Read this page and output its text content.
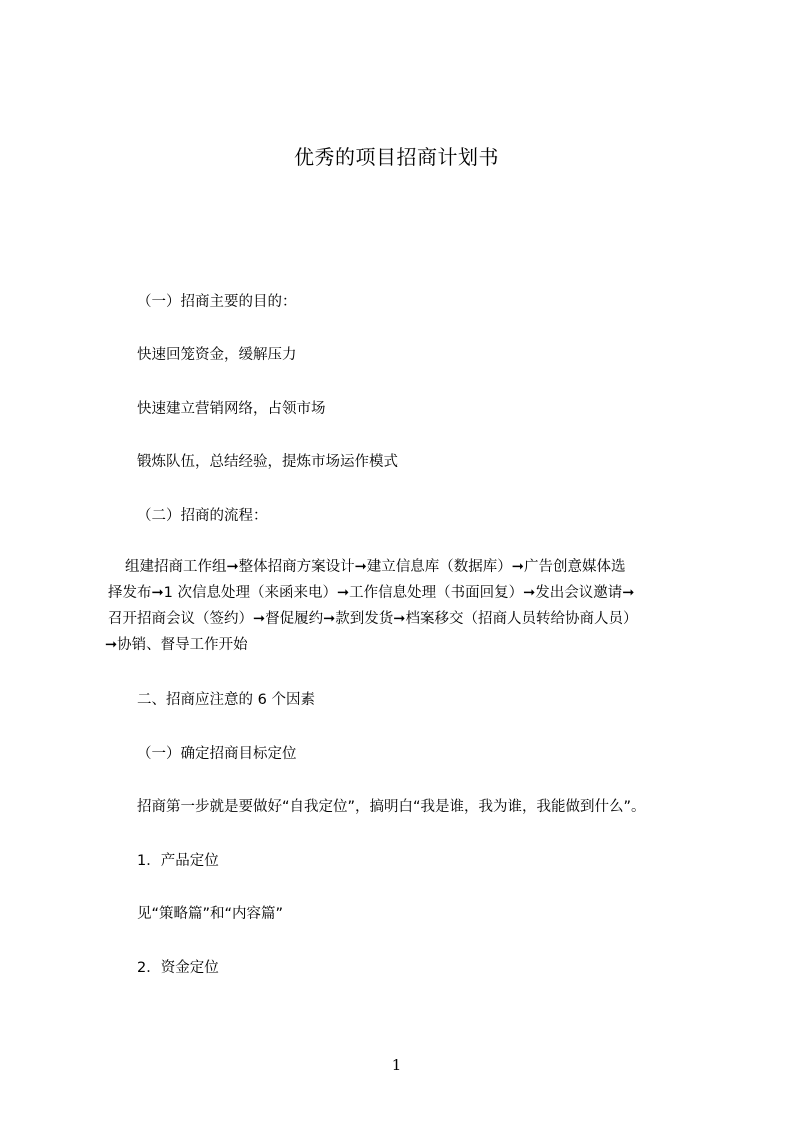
优秀的项目招商计划书
（一）招商主要的目的：
快速回笼资金，缓解压力
快速建立营销网络，占领市场
锻炼队伍，总结经验，提炼市场运作模式
（二）招商的流程：
组建招商工作组➞整体招商方案设计➞建立信息库（数据库）➞广告创意媒体选
择发布➞1 次信息处理（来函来电）➞工作信息处理（书面回复）➞发出会议邀请➞
召开招商会议（签约）➞督促履约➞款到发货➞档案移交（招商人员转给协商人员）
➞协销、督导工作开始
二、招商应注意的 6 个因素
（一）确定招商目标定位
招商第一步就是要做好“自我定位”，搞明白“我是谁，我为谁，我能做到什么”。
1．产品定位
见“策略篇”和“内容篇”
2．资金定位
1
